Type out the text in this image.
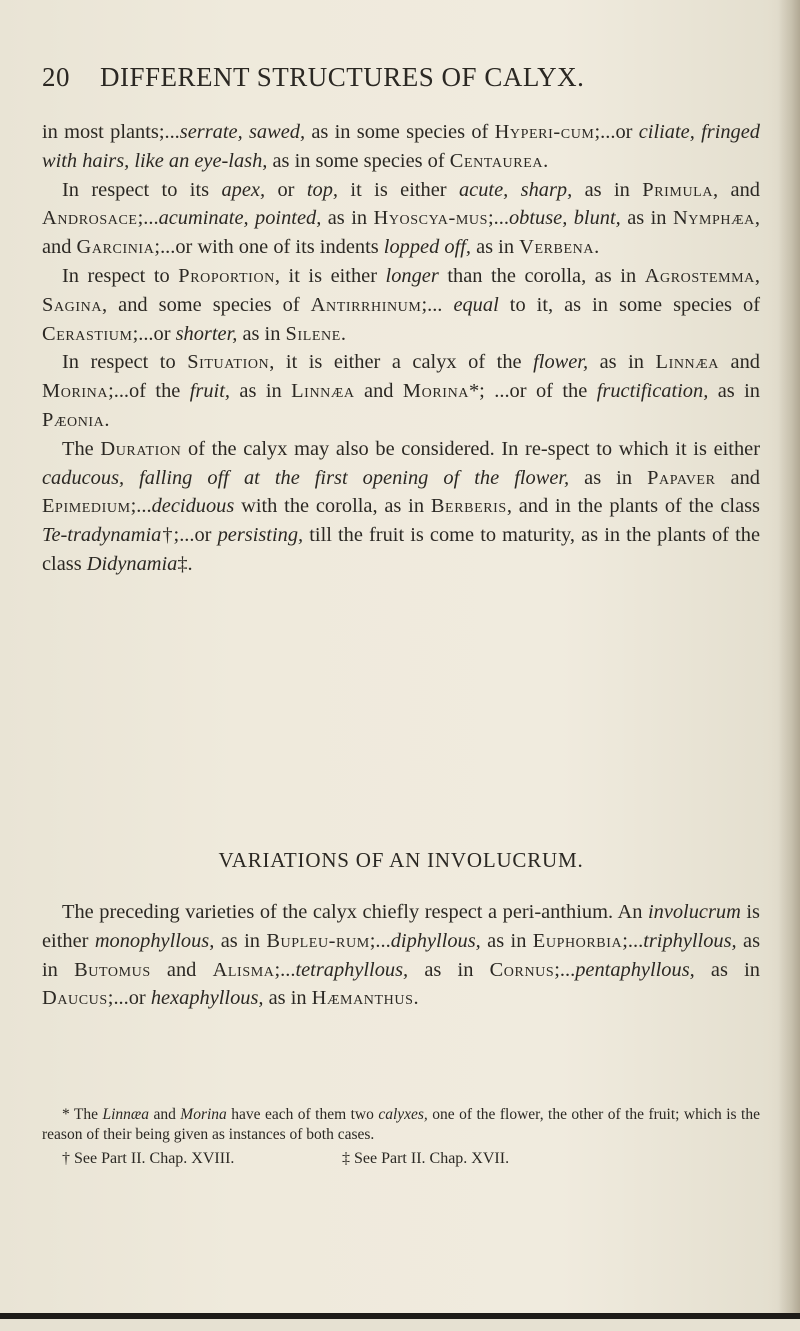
20 DIFFERENT STRUCTURES OF CALYX.

in most plants;...serrate, sawed, as in some species of Hyperi-cum;...or ciliate, fringed with hairs, like an eye-lash, as in some species of Centaurea.

In respect to its apex, or top, it is either acute, sharp, as in Primula, and Androsace;...acuminate, pointed, as in Hyoscya-mus;...obtuse, blunt, as in Nymphæa, and Garcinia;...or with one of its indents lopped off, as in Verbena.

In respect to Proportion, it is either longer than the corolla, as in Agrostemma, Sagina, and some species of Antirrhinum;... equal to it, as in some species of Cerastium;...or shorter, as in Silene.

In respect to Situation, it is either a calyx of the flower, as in Linnæa and Morina;...of the fruit, as in Linnæa and Morina*; ...or of the fructification, as in Pæonia.

The Duration of the calyx may also be considered. In re-spect to which it is either caducous, falling off at the first opening of the flower, as in Papaver and Epimedium;...deciduous with the corolla, as in Berberis, and in the plants of the class Te-tradynamia†;...or persisting, till the fruit is come to maturity, as in the plants of the class Didynamia‡.

VARIATIONS OF AN INVOLUCRUM.

The preceding varieties of the calyx chiefly respect a peri-anthium. An involucrum is either monophyllous, as in Bupleu-rum;...diphyllous, as in Euphorbia;...triphyllous, as in Butomus and Alisma;...tetraphyllous, as in Cornus;...pentaphyllous, as in Daucus;...or hexaphyllous, as in Hæmanthus.

* The Linnæa and Morina have each of them two calyxes, one of the flower, the other of the fruit; which is the reason of their being given as instances of both cases.

† See Part II. Chap. XVIII.	‡ See Part II. Chap. XVII.
